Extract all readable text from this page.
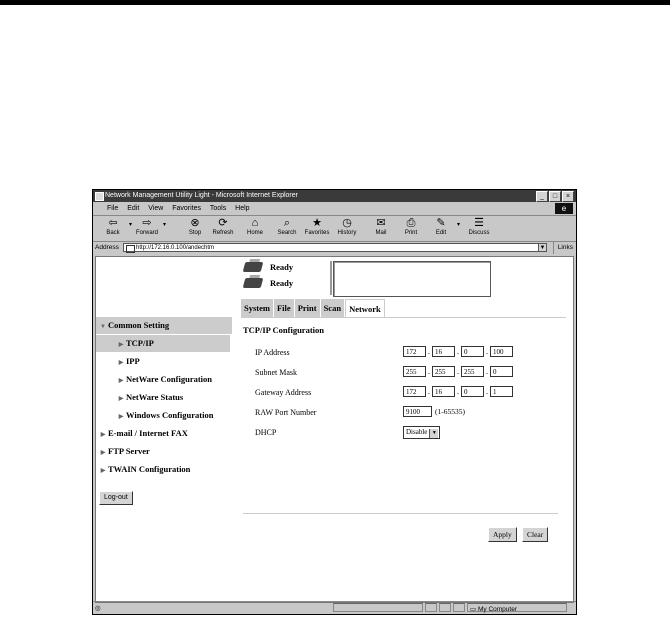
Network Management Utility Light - Microsoft Internet Explorer	_	□	×
File Edit View Favorites Tools Help	e
⇦
Back
▾ ⇨
Forward
▾	⊗
Stop
⟳
Refresh
⌂
Home
⌕
Search
★
Favorites
◷
History
✉
Mail
⎙
Print
✎
Edit
▾	☰
Discuss
Address	http://172.16.0.100/andechtm	▼	Links
▼ Common Setting
▶ TCP/IP
▶ IPP
▶ NetWare Configuration
▶ NetWare Status
▶ Windows Configuration
▶ E-mail / Internet FAX
▶ FTP Server
▶ TWAIN Configuration
Log-out
Ready
Ready
System File Print Scan Network
TCP/IP Configuration
IP Address	172 . 16 . 0 . 100
Subnet Mask	255 . 255 . 255 . 0
Gateway Address	172 . 16 . 0 . 1
RAW Port Number	9100 (1-65535)
DHCP	Disable ▼
Apply	Clear
◎	▭ My Computer
